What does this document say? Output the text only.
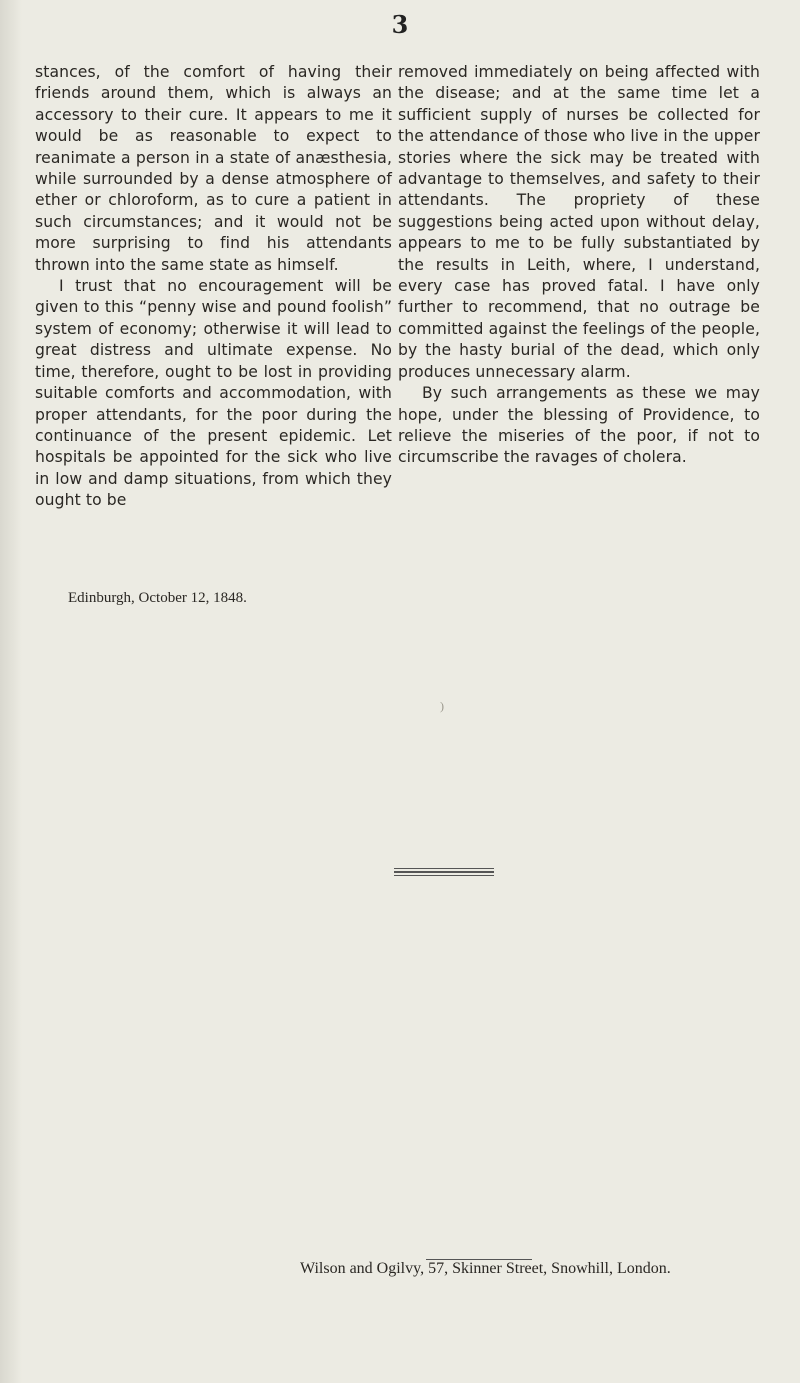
3

stances, of the comfort of having their friends around them, which is always an accessory to their cure. It appears to me it would be as reasonable to expect to reanimate a person in a state of anæsthesia, while surrounded by a dense atmosphere of ether or chloroform, as to cure a patient in such circumstances; and it would not be more surprising to find his attendants thrown into the same state as himself.

I trust that no encouragement will be given to this “penny wise and pound foolish” system of economy; otherwise it will lead to great distress and ultimate expense. No time, therefore, ought to be lost in providing suitable comforts and accommodation, with proper attendants, for the poor during the continuance of the present epidemic. Let hospitals be appointed for the sick who live in low and damp situations, from which they ought to be

removed immediately on being affected with the disease; and at the same time let a sufficient supply of nurses be collected for the attendance of those who live in the upper stories where the sick may be treated with advantage to themselves, and safety to their attendants. The propriety of these suggestions being acted upon without delay, appears to me to be fully substantiated by the results in Leith, where, I understand, every case has proved fatal. I have only further to recommend, that no outrage be committed against the feelings of the people, by the hasty burial of the dead, which only produces unnecessary alarm.

By such arrangements as these we may hope, under the blessing of Providence, to relieve the miseries of the poor, if not to circumscribe the ravages of cholera.

Edinburgh, October 12, 1848.
)
Wilson and Ogilvy, 57, Skinner Street, Snowhill, London.
